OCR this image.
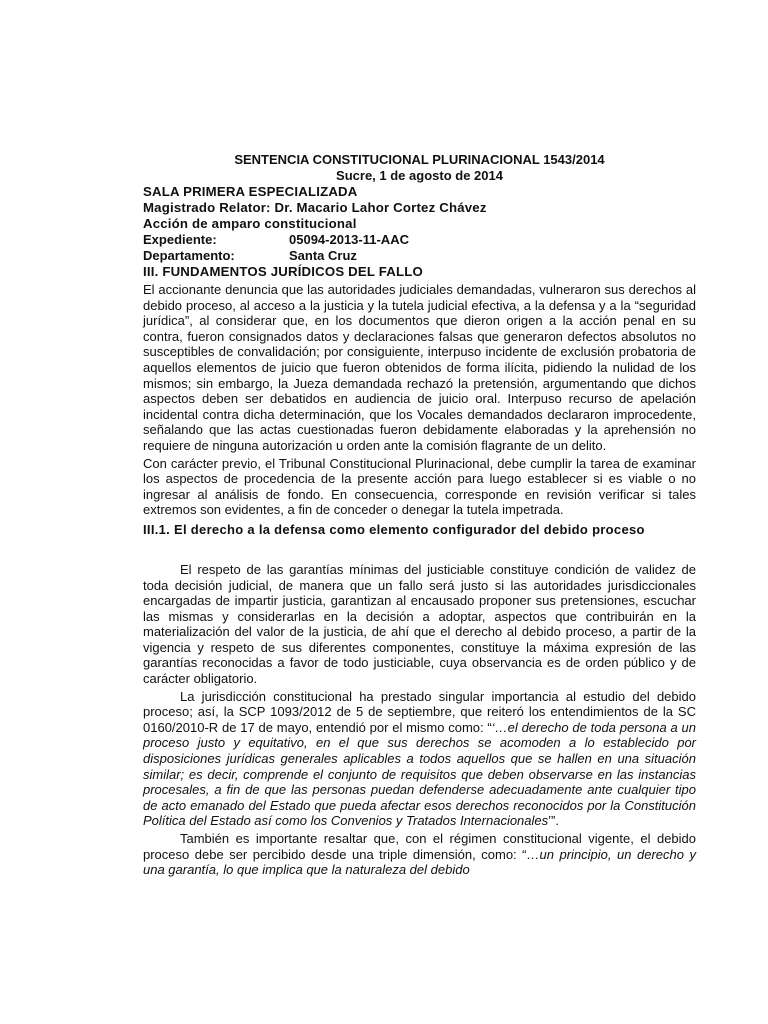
SENTENCIA CONSTITUCIONAL PLURINACIONAL 1543/2014
Sucre, 1 de agosto de 2014
SALA PRIMERA ESPECIALIZADA
Magistrado Relator: Dr. Macario Lahor Cortez Chávez
Acción de amparo constitucional
Expediente:	05094-2013-11-AAC
Departamento:	Santa Cruz
III. FUNDAMENTOS JURÍDICOS DEL FALLO

El accionante denuncia que las autoridades judiciales demandadas, vulneraron sus derechos al debido proceso, al acceso a la justicia y la tutela judicial efectiva, a la defensa y a la “seguridad jurídica”, al considerar que, en los documentos que dieron origen a la acción penal en su contra, fueron consignados datos y declaraciones falsas que generaron defectos absolutos no susceptibles de convalidación; por consiguiente, interpuso incidente de exclusión probatoria de aquellos elementos de juicio que fueron obtenidos de forma ilícita, pidiendo la nulidad de los mismos; sin embargo, la Jueza demandada rechazó la pretensión, argumentando que dichos aspectos deben ser debatidos en audiencia de juicio oral. Interpuso recurso de apelación incidental contra dicha determinación, que los Vocales demandados declararon improcedente, señalando que las actas cuestionadas fueron debidamente elaboradas y la aprehensión no requiere de ninguna autorización u orden ante la comisión flagrante de un delito.

Con carácter previo, el Tribunal Constitucional Plurinacional, debe cumplir la tarea de examinar los aspectos de procedencia de la presente acción para luego establecer si es viable o no ingresar al análisis de fondo. En consecuencia, corresponde en revisión verificar si tales extremos son evidentes, a fin de conceder o denegar la tutela impetrada.

III.1. El derecho a la defensa como elemento configurador del debido proceso

El respeto de las garantías mínimas del justiciable constituye condición de validez de toda decisión judicial, de manera que un fallo será justo si las autoridades jurisdiccionales encargadas de impartir justicia, garantizan al encausado proponer sus pretensiones, escuchar las mismas y considerarlas en la decisión a adoptar, aspectos que contribuirán en la materialización del valor de la justicia, de ahí que el derecho al debido proceso, a partir de la vigencia y respeto de sus diferentes componentes, constituye la máxima expresión de las garantías reconocidas a favor de todo justiciable, cuya observancia es de orden público y de carácter obligatorio.

La jurisdicción constitucional ha prestado singular importancia al estudio del debido proceso; así, la SCP 1093/2012 de 5 de septiembre, que reiteró los entendimientos de la SC 0160/2010-R de 17 de mayo, entendió por el mismo como: “‘…el derecho de toda persona a un proceso justo y equitativo, en el que sus derechos se acomoden a lo establecido por disposiciones jurídicas generales aplicables a todos aquellos que se hallen en una situación similar; es decir, comprende el conjunto de requisitos que deben observarse en las instancias procesales, a fin de que las personas puedan defenderse adecuadamente ante cualquier tipo de acto emanado del Estado que pueda afectar esos derechos reconocidos por la Constitución Política del Estado así como los Convenios y Tratados Internacionales’”.

También es importante resaltar que, con el régimen constitucional vigente, el debido proceso debe ser percibido desde una triple dimensión, como: “…un principio, un derecho y una garantía, lo que implica que la naturaleza del debido
